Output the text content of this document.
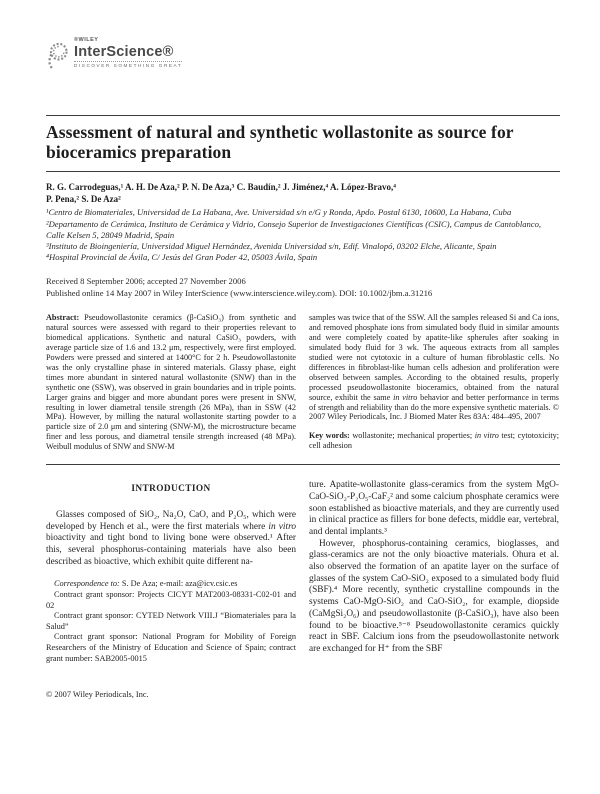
®WILEY
InterScience®
DISCOVER SOMETHING GREAT
Assessment of natural and synthetic wollastonite as source for bioceramics preparation
R. G. Carrodeguas,¹ A. H. De Aza,² P. N. De Aza,³ C. Baudín,² J. Jiménez,⁴ A. López-Bravo,⁴
P. Pena,² S. De Aza²
¹Centro de Biomateriales, Universidad de La Habana, Ave. Universidad s/n e/G y Ronda, Apdo. Postal 6130, 10600, La Habana, Cuba
²Departamento de Cerámica, Instituto de Cerámica y Vidrio, Consejo Superior de Investigaciones Científicas (CSIC), Campus de Cantoblanco, Calle Kelsen 5, 28049 Madrid, Spain
³Instituto de Bioingeniería, Universidad Miguel Hernández, Avenida Universidad s/n, Edif. Vinalopó, 03202 Elche, Alicante, Spain
⁴Hospital Provincial de Ávila, C/ Jesús del Gran Poder 42, 05003 Ávila, Spain
Received 8 September 2006; accepted 27 November 2006
Published online 14 May 2007 in Wiley InterScience (www.interscience.wiley.com). DOI: 10.1002/jbm.a.31216

Abstract: Pseudowollastonite ceramics (β-CaSiO₃) from synthetic and natural sources were assessed with regard to their properties relevant to biomedical applications. Synthetic and natural CaSiO₃ powders, with average particle size of 1.6 and 13.2 μm, respectively, were first employed. Powders were pressed and sintered at 1400°C for 2 h. Pseudowollastonite was the only crystalline phase in sintered materials. Glassy phase, eight times more abundant in sintered natural wollastonite (SNW) than in the synthetic one (SSW), was observed in grain boundaries and in triple points. Larger grains and bigger and more abundant pores were present in SNW, resulting in lower diametral tensile strength (26 MPa), than in SSW (42 MPa). However, by milling the natural wollastonite starting powder to a particle size of 2.0 μm and sintering (SNW-M), the microstructure became finer and less porous, and diametral tensile strength increased (48 MPa). Weibull modulus of SNW and SNW-M

samples was twice that of the SSW. All the samples released Si and Ca ions, and removed phosphate ions from simulated body fluid in similar amounts and were completely coated by apatite-like spherules after soaking in simulated body fluid for 3 wk. The aqueous extracts from all samples studied were not cytotoxic in a culture of human fibroblastic cells. No differences in fibroblast-like human cells adhesion and proliferation were observed between samples. According to the obtained results, properly processed pseudowollastonite bioceramics, obtained from the natural source, exhibit the same in vitro behavior and better performance in terms of strength and reliability than do the more expensive synthetic materials. © 2007 Wiley Periodicals, Inc. J Biomed Mater Res 83A: 484–495, 2007

Key words: wollastonite; mechanical properties; in vitro test; cytotoxicity; cell adhesion

INTRODUCTION

Glasses composed of SiO₂, Na₂O, CaO, and P₂O₅, which were developed by Hench et al., were the first materials where in vitro bioactivity and tight bond to living bone were observed.¹ After this, several phosphorus-containing materials have also been described as bioactive, which exhibit quite different na-

Correspondence to: S. De Aza; e-mail: aza@icv.csic.es

Contract grant sponsor: Projects CICYT MAT2003-08331-C02-01 and 02

Contract grant sponsor: CYTED Network VIII.J “Biomateriales para la Salud”

Contract grant sponsor: National Program for Mobility of Foreign Researchers of the Ministry of Education and Science of Spain; contract grant number: SAB2005-0015

© 2007 Wiley Periodicals, Inc.

ture. Apatite-wollastonite glass-ceramics from the system MgO-CaO-SiO₂-P₂O₅-CaF₂² and some calcium phosphate ceramics were soon established as bioactive materials, and they are currently used in clinical practice as fillers for bone defects, middle ear, vertebral, and dental implants.³

However, phosphorus-containing ceramics, bioglasses, and glass-ceramics are not the only bioactive materials. Ohura et al. also observed the formation of an apatite layer on the surface of glasses of the system CaO-SiO₂ exposed to a simulated body fluid (SBF).⁴ More recently, synthetic crystalline compounds in the systems CaO-MgO-SiO₂ and CaO-SiO₂, for example, diopside (CaMgSi₂O₆) and pseudowollastonite (β-CaSiO₃), have also been found to be bioactive.⁵⁻⁸ Pseudowollastonite ceramics quickly react in SBF. Calcium ions from the pseudowollastonite network are exchanged for H⁺ from the SBF
